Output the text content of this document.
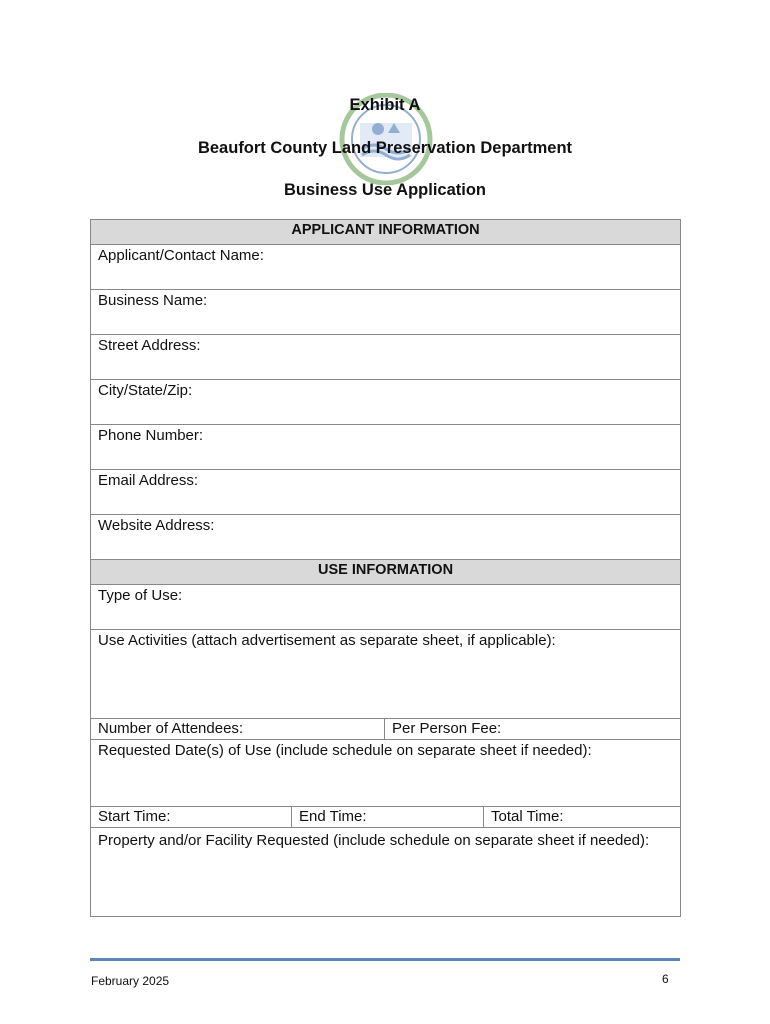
Exhibit A
Beaufort County Land Preservation Department
Business Use Application
APPLICANT INFORMATION			
Applicant/Contact Name:			
Business Name:			
Street Address:			
City/State/Zip:			
Phone Number:			
Email Address:			
Website Address:			
USE INFORMATION			
Type of Use:			
Use Activities (attach advertisement as separate sheet, if applicable):			
Number of Attendees:		Per Person Fee:	
Requested Date(s) of Use (include schedule on separate sheet if needed):			
Start Time:	End Time:		Total Time:
Property and/or Facility Requested (include schedule on separate sheet if needed):			
February 2025	6
